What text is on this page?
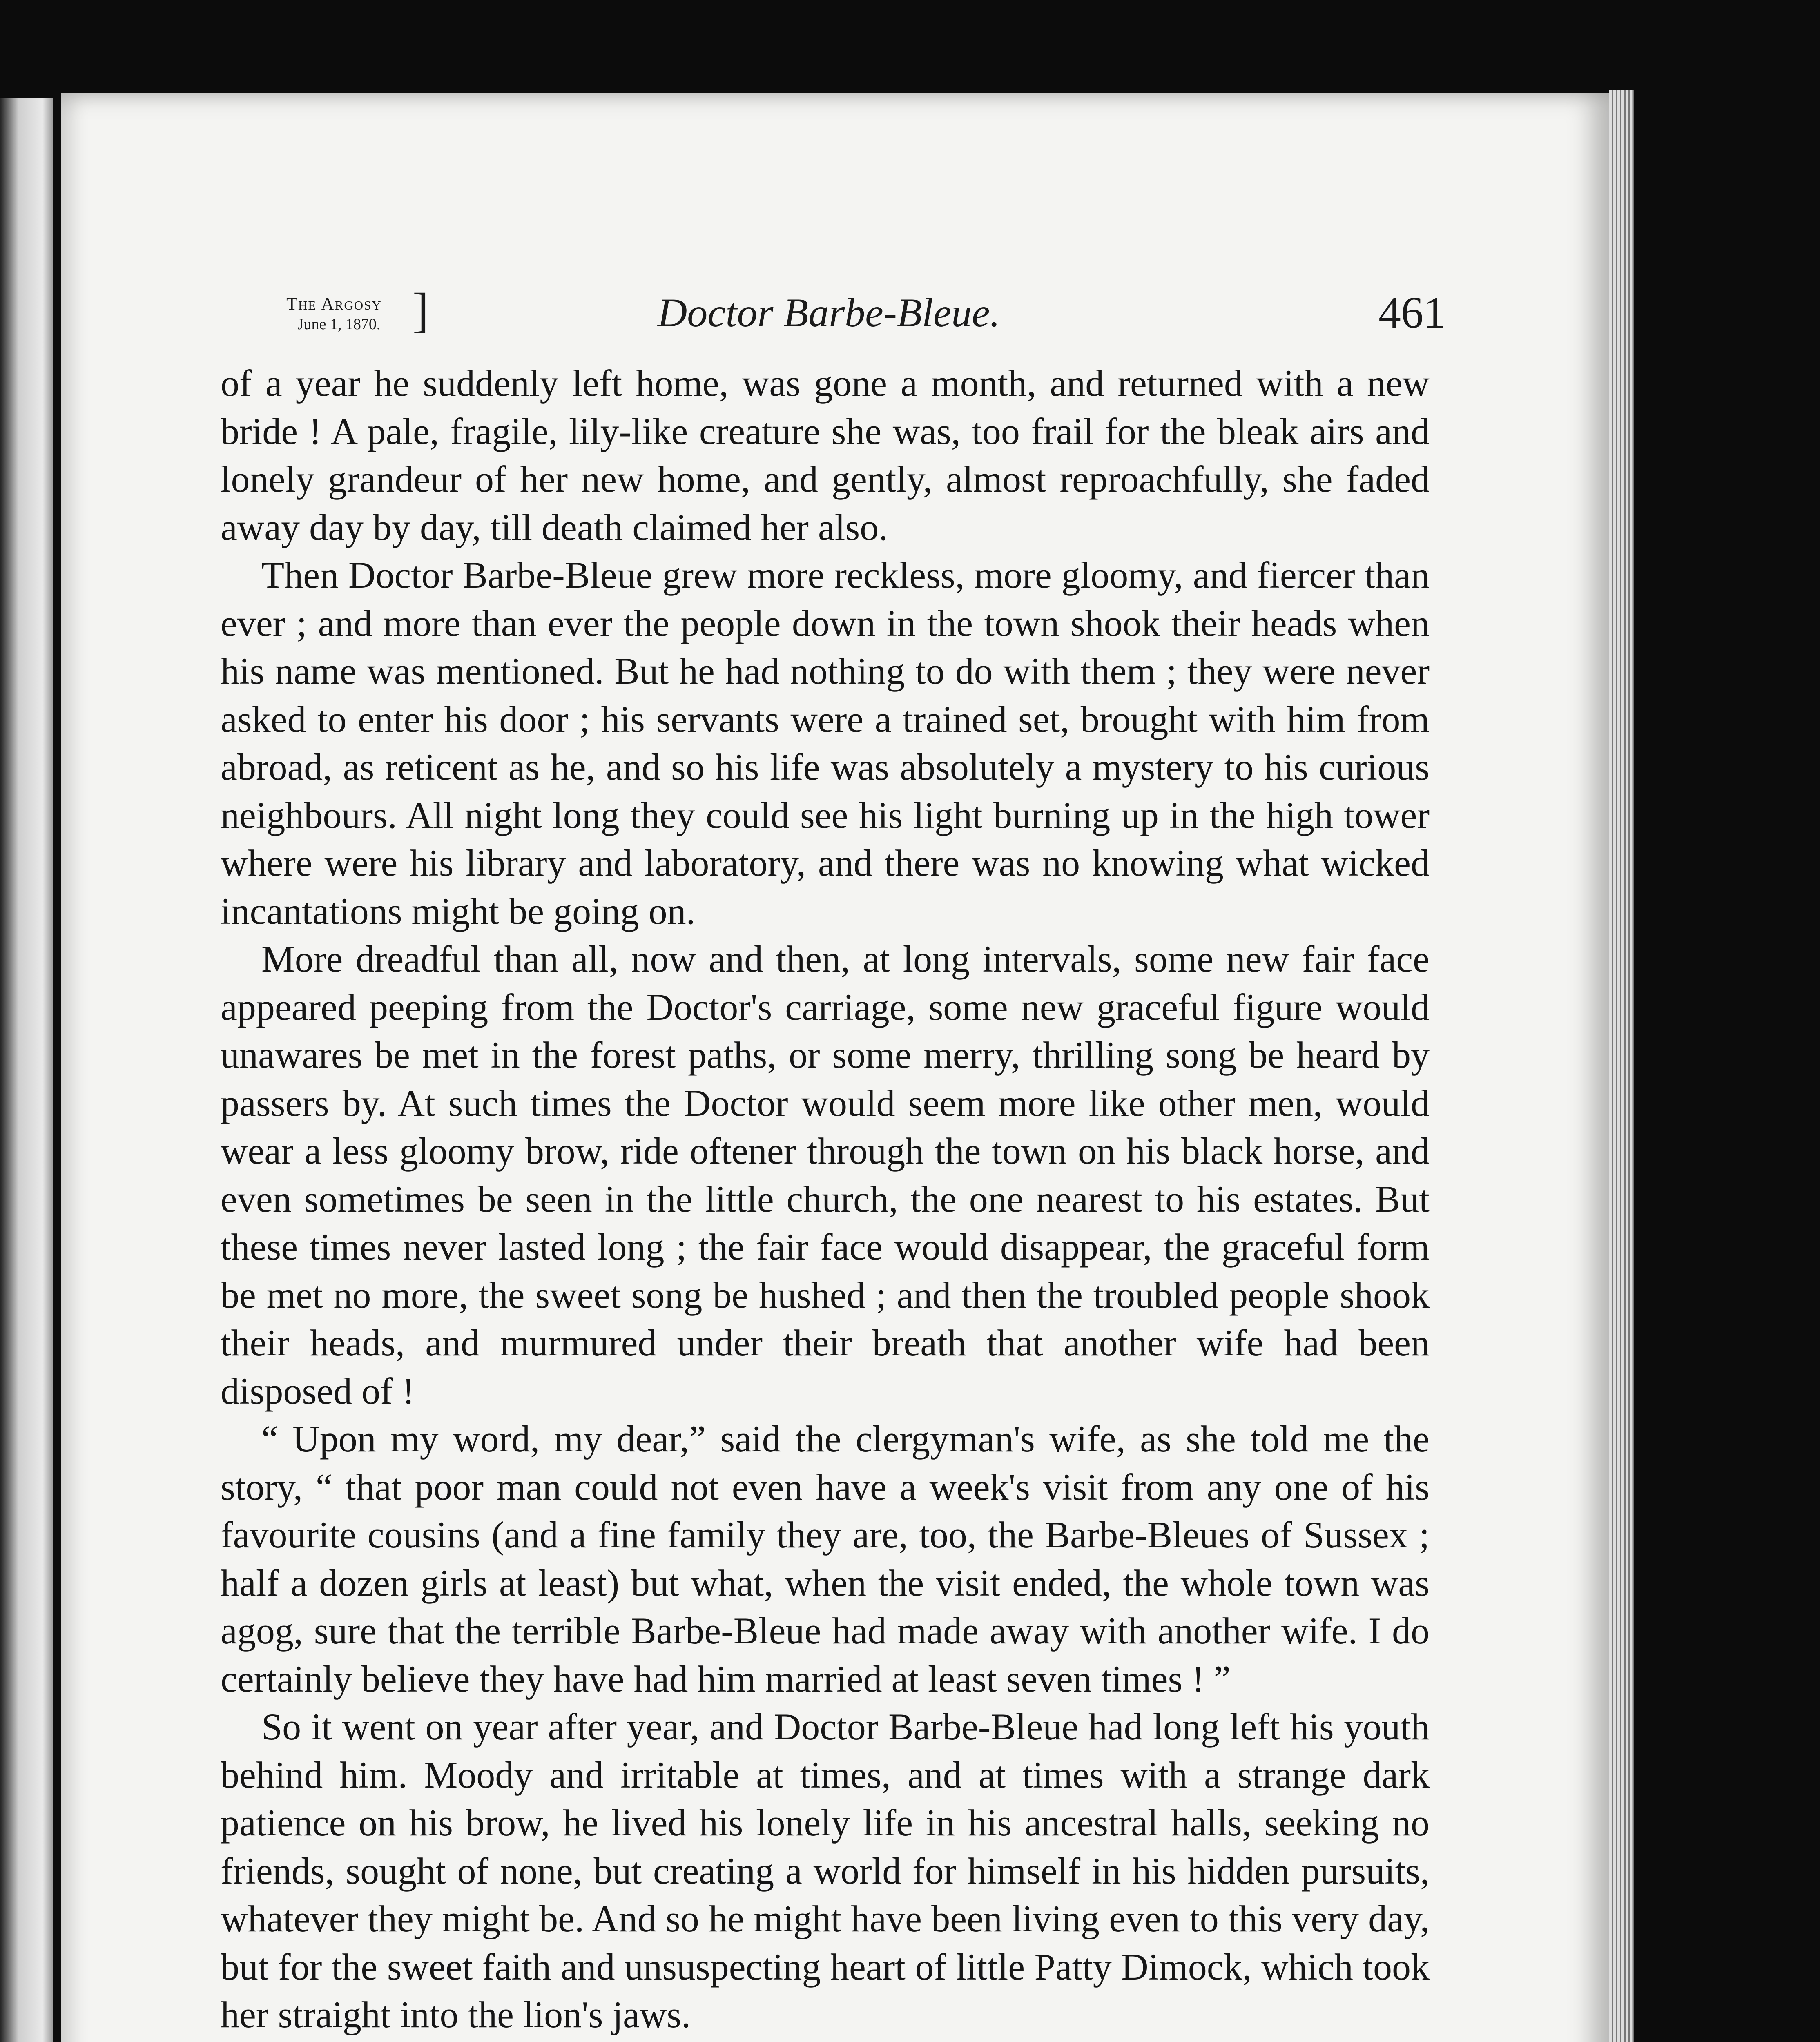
The Argosy
June 1, 1870. ]	Doctor Barbe-Bleue.	461

of a year he suddenly left home, was gone a month, and returned with a new bride ! A pale, fragile, lily-like creature she was, too frail for the bleak airs and lonely grandeur of her new home, and gently, almost reproachfully, she faded away day by day, till death claimed her also.

Then Doctor Barbe-Bleue grew more reckless, more gloomy, and fiercer than ever ; and more than ever the people down in the town shook their heads when his name was mentioned. But he had nothing to do with them ; they were never asked to enter his door ; his servants were a trained set, brought with him from abroad, as reticent as he, and so his life was absolutely a mystery to his curious neighbours. All night long they could see his light burning up in the high tower where were his library and laboratory, and there was no knowing what wicked incantations might be going on.

More dreadful than all, now and then, at long intervals, some new fair face appeared peeping from the Doctor's carriage, some new graceful figure would unawares be met in the forest paths, or some merry, thrilling song be heard by passers by. At such times the Doctor would seem more like other men, would wear a less gloomy brow, ride oftener through the town on his black horse, and even sometimes be seen in the little church, the one nearest to his estates. But these times never lasted long ; the fair face would disappear, the graceful form be met no more, the sweet song be hushed ; and then the troubled people shook their heads, and murmured under their breath that another wife had been disposed of !

“ Upon my word, my dear,” said the clergyman's wife, as she told me the story, “ that poor man could not even have a week's visit from any one of his favourite cousins (and a fine family they are, too, the Barbe-Bleues of Sussex ; half a dozen girls at least) but what, when the visit ended, the whole town was agog, sure that the terrible Barbe-Bleue had made away with another wife. I do certainly believe they have had him married at least seven times ! ”

So it went on year after year, and Doctor Barbe-Bleue had long left his youth behind him. Moody and irritable at times, and at times with a strange dark patience on his brow, he lived his lonely life in his ancestral halls, seeking no friends, sought of none, but creating a world for himself in his hidden pursuits, whatever they might be. And so he might have been living even to this very day, but for the sweet faith and unsuspecting heart of little Patty Dimock, which took her straight into the lion's jaws.
